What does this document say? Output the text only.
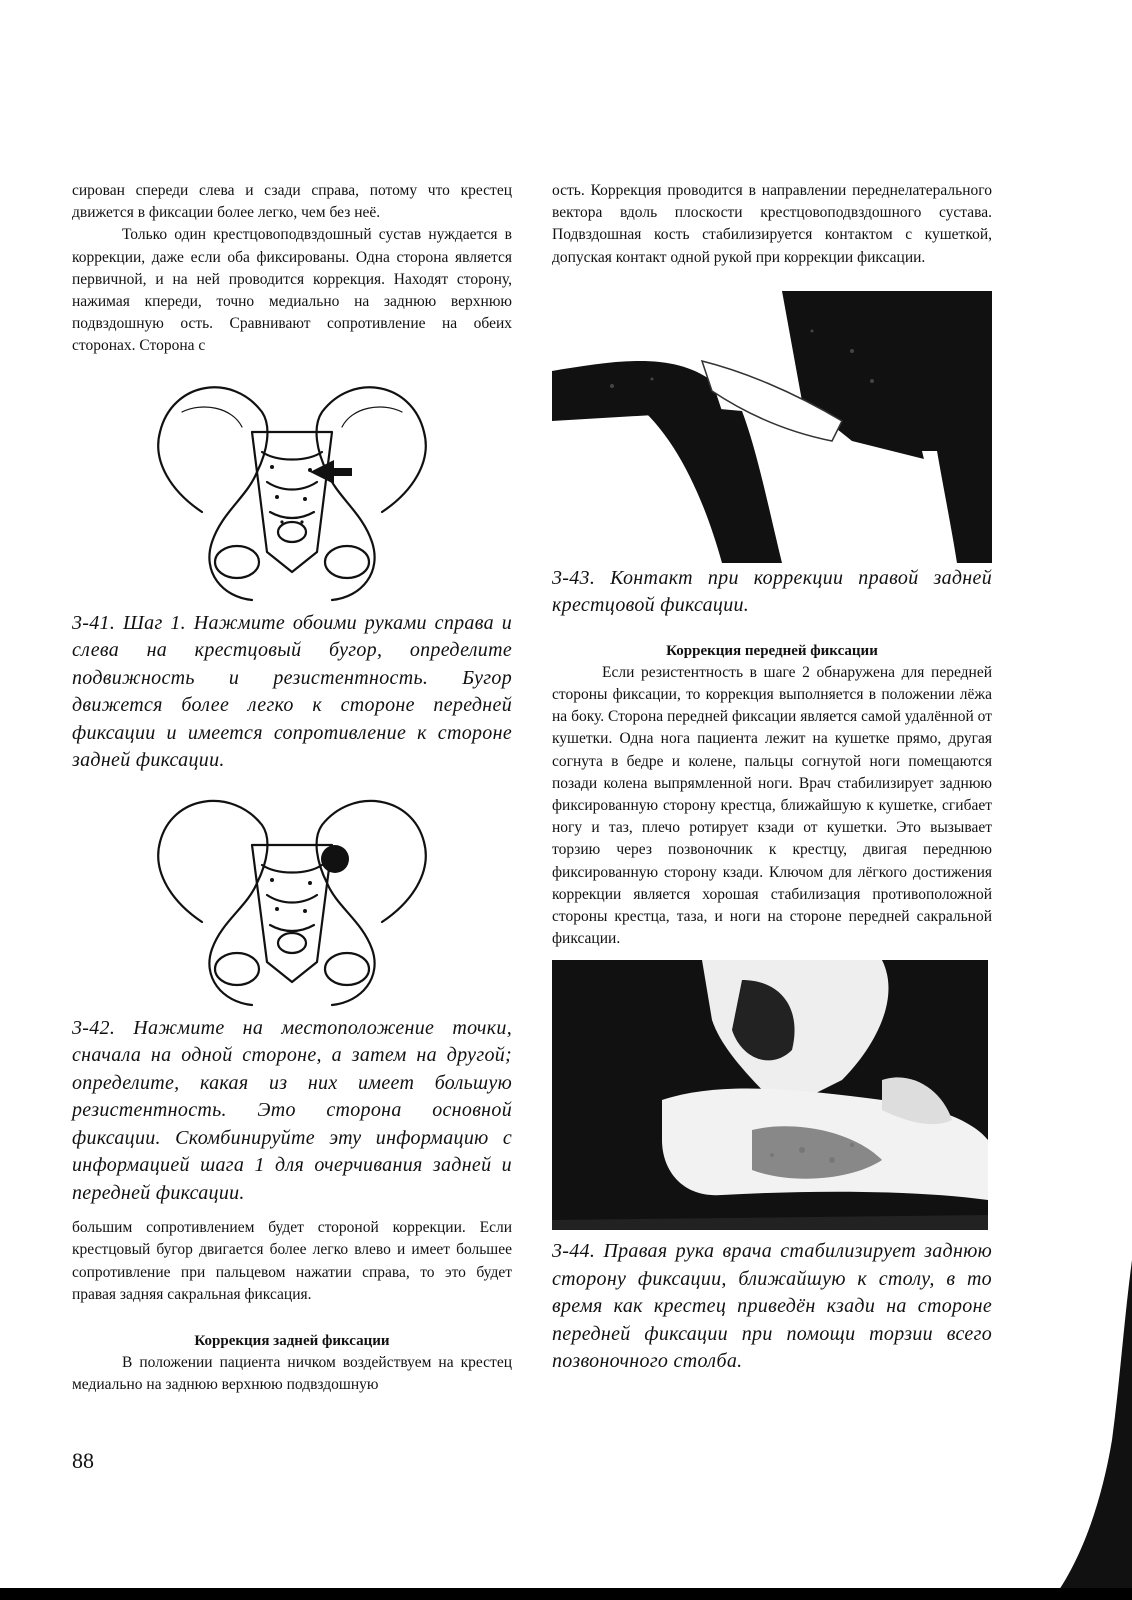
сирован спереди слева и сзади справа, потому что крестец движется в фиксации более легко, чем без неё.

Только один крестцовоподвздошный сустав нуждается в коррекции, даже если оба фиксированы. Одна сторона является первичной, и на ней проводится коррекция. Находят сторону, нажимая кпереди, точно медиально на заднюю верхнюю подвздошную ость. Сравнивают сопротивление на обеих сторонах. Сторона с

3-41. Шаг 1. Нажмите обоими руками справа и слева на крестцовый бугор, определите подвижность и резистентность. Бугор движется более легко к стороне передней фиксации и имеется сопротивление к стороне задней фиксации.

3-42. Нажмите на местоположение точки, сначала на одной стороне, а затем на другой; определите, какая из них имеет большую резистентность. Это сторона основной фиксации. Скомбинируйте эту информацию с информацией шага 1 для очерчивания задней и передней фиксации.

большим сопротивлением будет стороной коррекции. Если крестцовый бугор двигается более легко влево и имеет большее сопротивление при пальцевом нажатии справа, то это будет правая задняя сакральная фиксация.

Коррекция задней фиксации

В положении пациента ничком воздействуем на крестец медиально на заднюю верхнюю подвздошную

ость. Коррекция проводится в направлении переднелатерального вектора вдоль плоскости крестцовоподвздошного сустава. Подвздошная кость стабилизируется контактом с кушеткой, допуская контакт одной рукой при коррекции фиксации.

3-43. Контакт при коррекции правой задней крестцовой фиксации.

Коррекция передней фиксации

Если резистентность в шаге 2 обнаружена для передней стороны фиксации, то коррекция выполняется в положении лёжа на боку. Сторона передней фиксации является самой удалённой от кушетки. Одна нога пациента лежит на кушетке прямо, другая согнута в бедре и колене, пальцы согнутой ноги помещаются позади колена выпрямленной ноги. Врач стабилизирует заднюю фиксированную сторону крестца, ближайшую к кушетке, сгибает ногу и таз, плечо ротирует кзади от кушетки. Это вызывает торзию через позвоночник к крестцу, двигая переднюю фиксированную сторону кзади. Ключом для лёгкого достижения коррекции является хорошая стабилизация противоположной стороны крестца, таза, и ноги на стороне передней сакральной фиксации.

3-44. Правая рука врача стабилизирует заднюю сторону фиксации, ближайшую к столу, в то время как крестец приведён кзади на стороне передней фиксации при помощи торзии всего позвоночного столба.

88
